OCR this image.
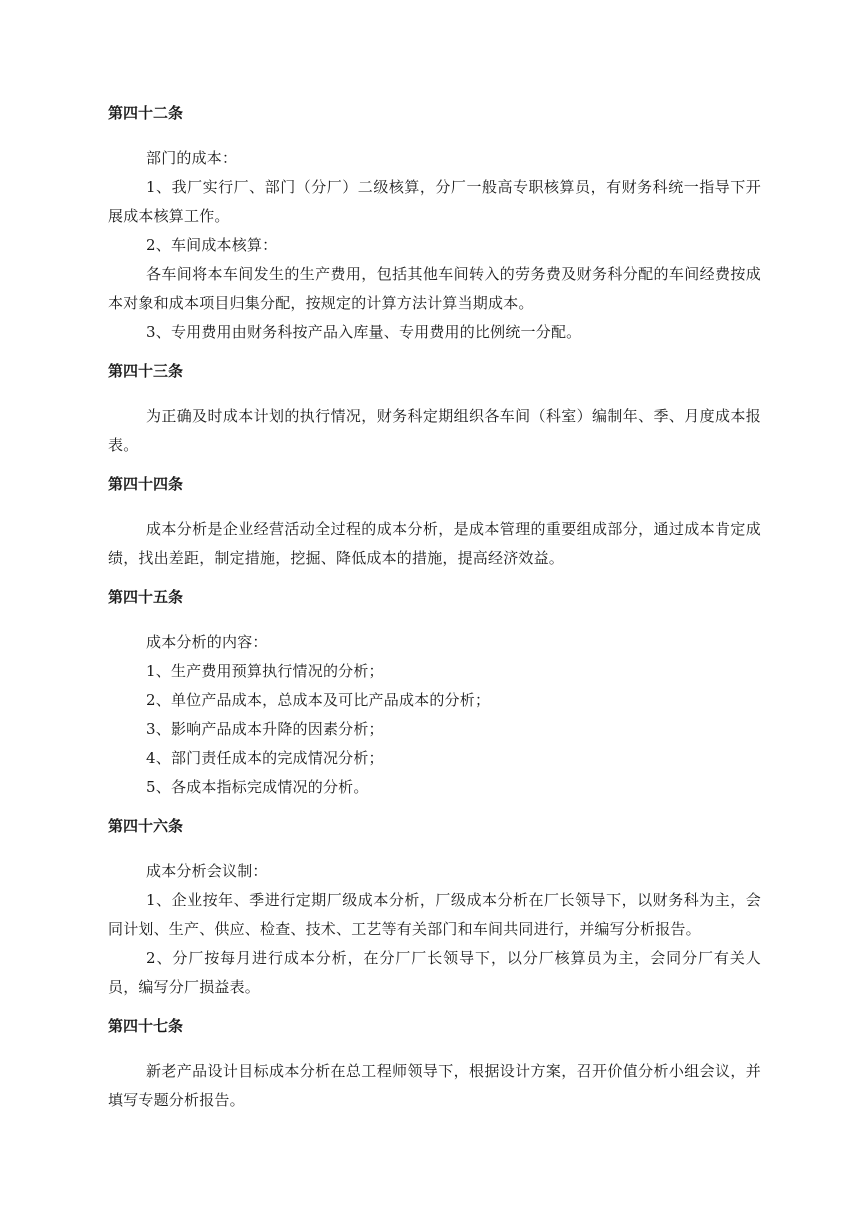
第四十二条

部门的成本：

1、我厂实行厂、部门（分厂）二级核算，分厂一般高专职核算员，有财务科统一指导下开展成本核算工作。

2、车间成本核算：

各车间将本车间发生的生产费用，包括其他车间转入的劳务费及财务科分配的车间经费按成本对象和成本项目归集分配，按规定的计算方法计算当期成本。

3、专用费用由财务科按产品入库量、专用费用的比例统一分配。

第四十三条

为正确及时成本计划的执行情况，财务科定期组织各车间（科室）编制年、季、月度成本报表。

第四十四条

成本分析是企业经营活动全过程的成本分析，是成本管理的重要组成部分，通过成本肯定成绩，找出差距，制定措施，挖掘、降低成本的措施，提高经济效益。

第四十五条

成本分析的内容：

1、生产费用预算执行情况的分析；

2、单位产品成本，总成本及可比产品成本的分析；

3、影响产品成本升降的因素分析；

4、部门责任成本的完成情况分析；

5、各成本指标完成情况的分析。

第四十六条

成本分析会议制：

1、企业按年、季进行定期厂级成本分析，厂级成本分析在厂长领导下，以财务科为主，会同计划、生产、供应、检查、技术、工艺等有关部门和车间共同进行，并编写分析报告。

2、分厂按每月进行成本分析，在分厂厂长领导下，以分厂核算员为主，会同分厂有关人员，编写分厂损益表。

第四十七条

新老产品设计目标成本分析在总工程师领导下，根据设计方案，召开价值分析小组会议，并填写专题分析报告。
